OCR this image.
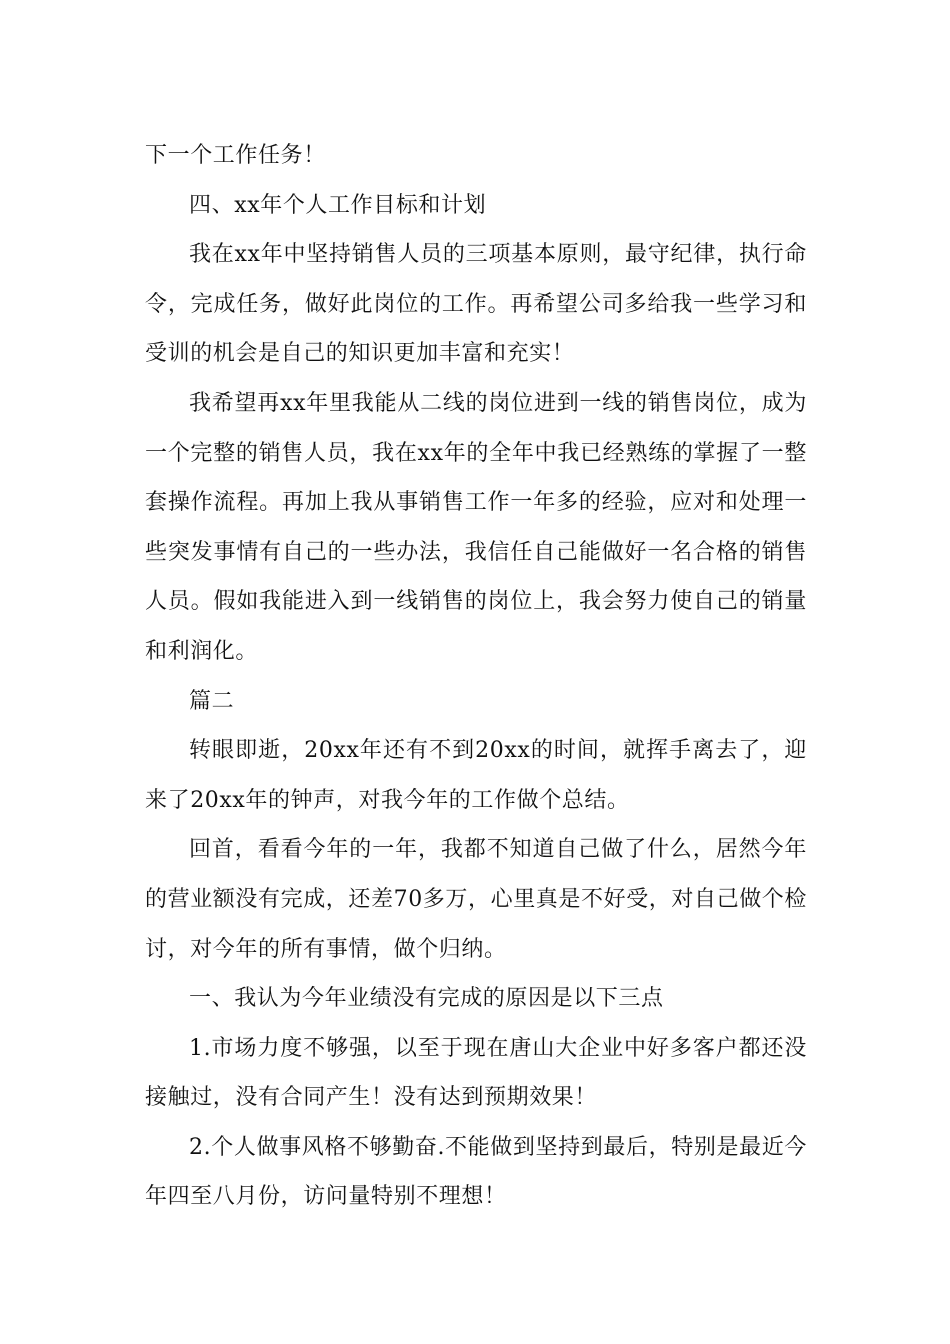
下一个工作任务！

四、xx年个人工作目标和计划

我在xx年中坚持销售人员的三项基本原则，最守纪律，执行命令，完成任务，做好此岗位的工作。再希望公司多给我一些学习和受训的机会是自己的知识更加丰富和充实！

我希望再xx年里我能从二线的岗位进到一线的销售岗位，成为一个完整的销售人员，我在xx年的全年中我已经熟练的掌握了一整套操作流程。再加上我从事销售工作一年多的经验，应对和处理一些突发事情有自己的一些办法，我信任自己能做好一名合格的销售人员。假如我能进入到一线销售的岗位上，我会努力使自己的销量和利润化。

篇二

转眼即逝，20xx年还有不到20xx的时间，就挥手离去了，迎来了20xx年的钟声，对我今年的工作做个总结。

回首，看看今年的一年，我都不知道自己做了什么，居然今年的营业额没有完成，还差70多万，心里真是不好受，对自己做个检讨，对今年的所有事情，做个归纳。

一、我认为今年业绩没有完成的原因是以下三点

1.市场力度不够强，以至于现在唐山大企业中好多客户都还没接触过，没有合同产生！没有达到预期效果！

2.个人做事风格不够勤奋.不能做到坚持到最后，特别是最近今年四至八月份，访问量特别不理想！
